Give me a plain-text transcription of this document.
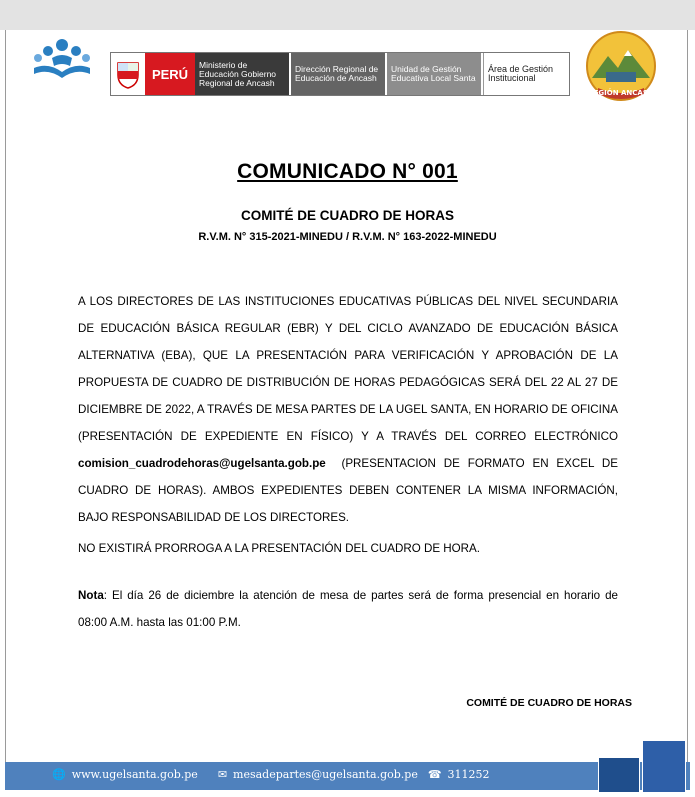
PERÚ
Ministerio de Educación Gobierno Regional de Ancash
Dirección Regional de Educación de Ancash
Unidad de Gestión Educativa Local Santa
Área de Gestión Institucional
REGIÓN ANCASH
COMUNICADO N° 001
COMITÉ DE CUADRO DE HORAS
R.V.M. N° 315-2021-MINEDU / R.V.M. N° 163-2022-MINEDU
A LOS DIRECTORES DE LAS INSTITUCIONES EDUCATIVAS PÚBLICAS DEL NIVEL SECUNDARIA DE EDUCACIÓN BÁSICA REGULAR (EBR) Y DEL CICLO AVANZADO DE EDUCACIÓN BÁSICA ALTERNATIVA (EBA), QUE LA PRESENTACIÓN PARA VERIFICACIÓN Y APROBACIÓN DE LA PROPUESTA DE CUADRO DE DISTRIBUCIÓN DE HORAS PEDAGÓGICAS SERÁ DEL 22 AL 27 DE DICIEMBRE DE 2022, A TRAVÉS DE MESA PARTES DE LA UGEL SANTA, EN HORARIO DE OFICINA (PRESENTACIÓN DE EXPEDIENTE EN FÍSICO) Y A TRAVÉS DEL CORREO ELECTRÓNICO comision_cuadrodehoras@ugelsanta.gob.pe (PRESENTACION DE FORMATO EN EXCEL DE CUADRO DE HORAS). AMBOS EXPEDIENTES DEBEN CONTENER LA MISMA INFORMACIÓN, BAJO RESPONSABILIDAD DE LOS DIRECTORES.
NO EXISTIRÁ PRORROGA A LA PRESENTACIÓN DEL CUADRO DE HORA.
Nota: El día 26 de diciembre la atención de mesa de partes será de forma presencial en horario de 08:00 A.M. hasta las 01:00 P.M.
COMITÉ DE CUADRO DE HORAS
🌐 www.ugelsanta.gob.pe ✉ mesadepartes@ugelsanta.gob.pe ☎ 311252
